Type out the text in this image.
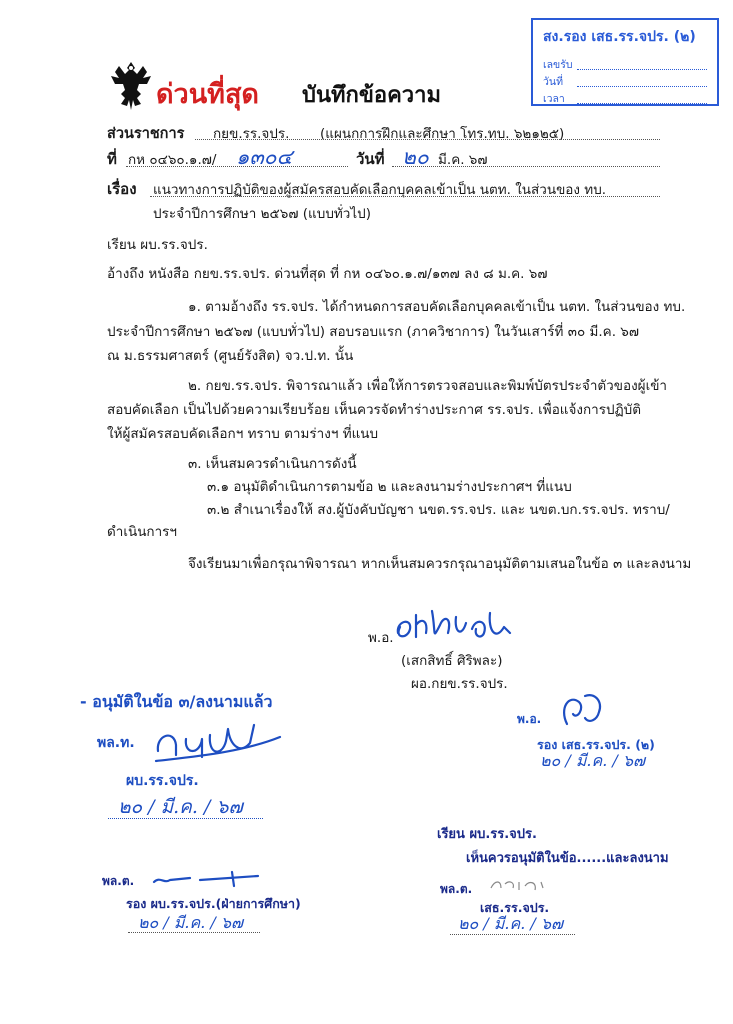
สง.รอง เสธ.รร.จปร. (๒)
เลขรับ
วันที่
เวลา
ด่วนที่สุด บันทึกข้อความ
ส่วนราชการ กยข.รร.จปร. (แผนกการฝึกและศึกษา โทร.ทบ. ๖๒๑๒๕)
ที่ กห ๐๔๖๐.๑.๗/ ๑๓๐๔	วันที่ ๒๐ มี.ค. ๖๗
เรื่อง แนวทางการปฏิบัติของผู้สมัครสอบคัดเลือกบุคคลเข้าเป็น นตท. ในส่วนของ ทบ.
ประจำปีการศึกษา ๒๕๖๗ (แบบทั่วไป)
เรียน ผบ.รร.จปร.
อ้างถึง หนังสือ กยข.รร.จปร. ด่วนที่สุด ที่ กห ๐๔๖๐.๑.๗/๑๓๗ ลง ๘ ม.ค. ๖๗
๑. ตามอ้างถึง รร.จปร. ได้กำหนดการสอบคัดเลือกบุคคลเข้าเป็น นตท. ในส่วนของ ทบ.
ประจำปีการศึกษา ๒๕๖๗ (แบบทั่วไป) สอบรอบแรก (ภาควิชาการ) ในวันเสาร์ที่ ๓๐ มี.ค. ๖๗
ณ ม.ธรรมศาสตร์ (ศูนย์รังสิต) จว.ป.ท. นั้น
๒. กยข.รร.จปร. พิจารณาแล้ว เพื่อให้การตรวจสอบและพิมพ์บัตรประจำตัวของผู้เข้า
สอบคัดเลือก เป็นไปด้วยความเรียบร้อย เห็นควรจัดทำร่างประกาศ รร.จปร. เพื่อแจ้งการปฏิบัติ
ให้ผู้สมัครสอบคัดเลือกฯ ทราบ ตามร่างฯ ที่แนบ
๓. เห็นสมควรดำเนินการดังนี้
๓.๑ อนุมัติดำเนินการตามข้อ ๒ และลงนามร่างประกาศฯ ที่แนบ
๓.๒ สำเนาเรื่องให้ สง.ผู้บังคับบัญชา นขต.รร.จปร. และ นขต.บก.รร.จปร. ทราบ/
ดำเนินการฯ
จึงเรียนมาเพื่อกรุณาพิจารณา หากเห็นสมควรกรุณาอนุมัติตามเสนอในข้อ ๓ และลงนาม
พ.อ.
(เสกสิทธิ์ ศิริพละ)
ผอ.กยข.รร.จปร.
- อนุมัติในข้อ ๓/ลงนามแล้ว
พล.ท.
ผบ.รร.จปร.
๒๐ / มี.ค. / ๖๗
พ.อ.
รอง เสธ.รร.จปร. (๒)
๒๐ / มี.ค. / ๖๗
เรียน ผบ.รร.จปร.
เห็นควรอนุมัติในข้อ......และลงนาม
พล.ต.
เสธ.รร.จปร.
๒๐ / มี.ค. / ๖๗
พล.ต.
รอง ผบ.รร.จปร.(ฝ่ายการศึกษา)
๒๐ / มี.ค. / ๖๗
